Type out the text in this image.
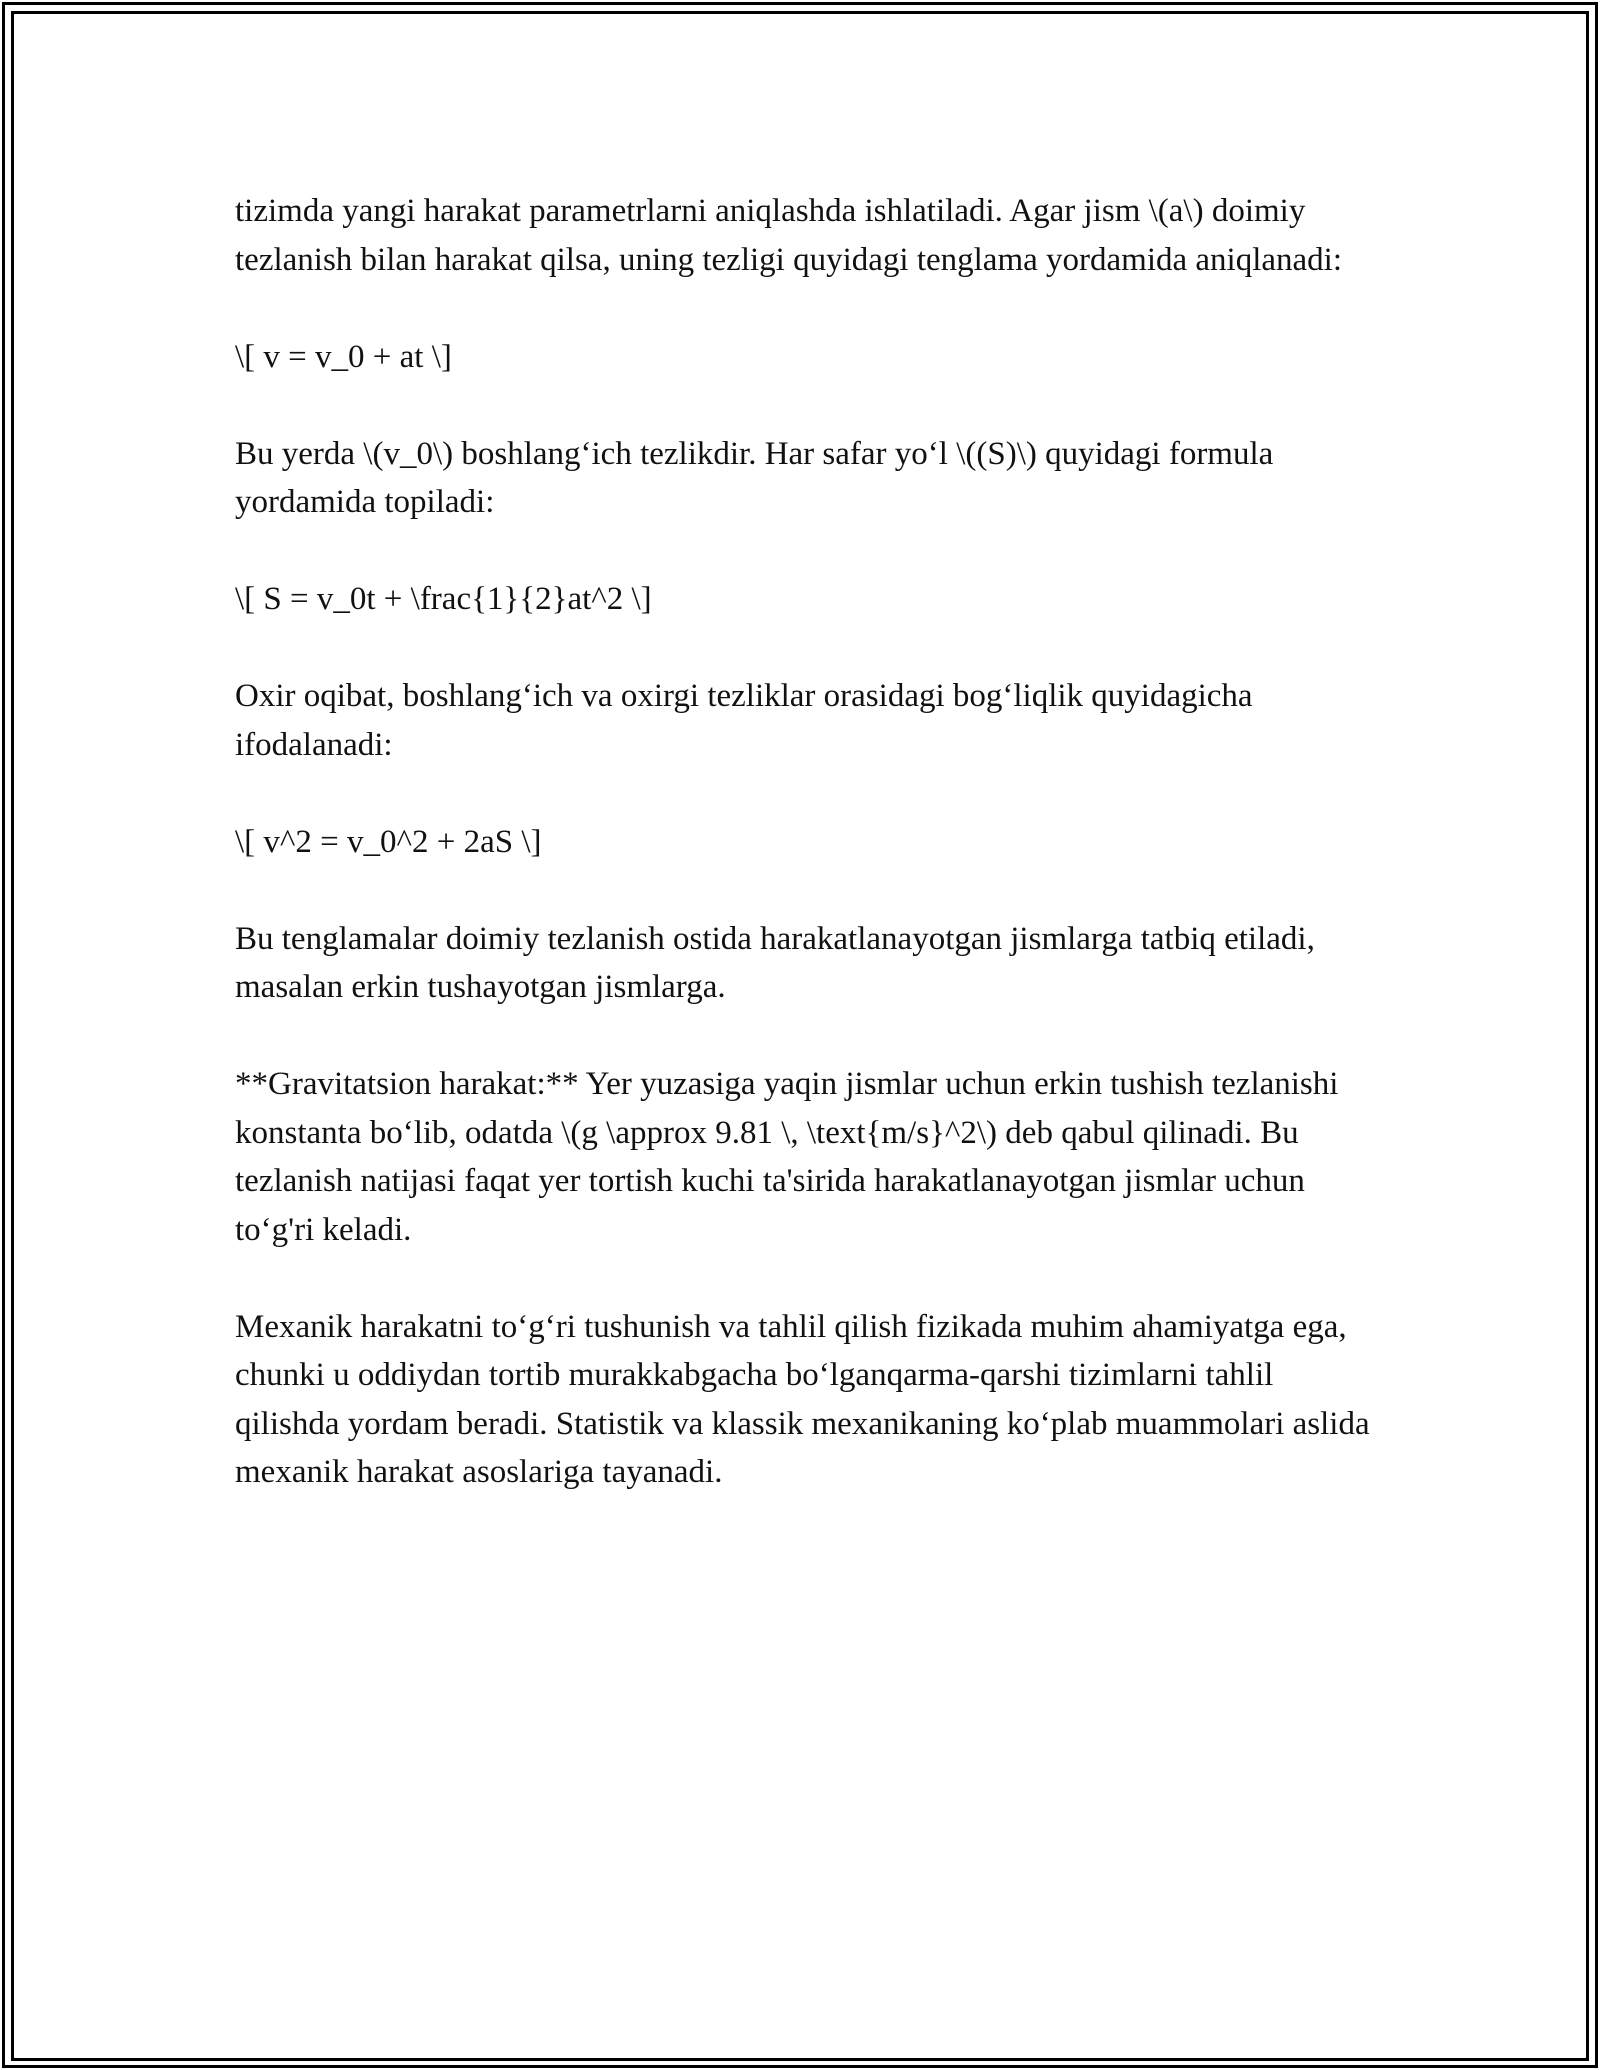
tizimda yangi harakat parametrlarni aniqlashda ishlatiladi. Agar jism \(a\) doimiy tezlanish bilan harakat qilsa, uning tezligi quyidagi tenglama yordamida aniqlanadi:

\[ v = v_0 + at \]

Bu yerda \(v_0\) boshlang‘ich tezlikdir. Har safar yo‘l \((S)\) quyidagi formula yordamida topiladi:

\[ S = v_0t + \frac{1}{2}at^2 \]

Oxir oqibat, boshlang‘ich va oxirgi tezliklar orasidagi bog‘liqlik quyidagicha ifodalanadi:

\[ v^2 = v_0^2 + 2aS \]

Bu tenglamalar doimiy tezlanish ostida harakatlanayotgan jismlarga tatbiq etiladi, masalan erkin tushayotgan jismlarga.

**Gravitatsion harakat:** Yer yuzasiga yaqin jismlar uchun erkin tushish tezlanishi konstanta bo‘lib, odatda \(g \approx 9.81 \, \text{m/s}^2\) deb qabul qilinadi. Bu tezlanish natijasi faqat yer tortish kuchi ta'sirida harakatlanayotgan jismlar uchun to‘g'ri keladi.

Mexanik harakatni to‘g‘ri tushunish va tahlil qilish fizikada muhim ahamiyatga ega, chunki u oddiydan tortib murakkabgacha bo‘lganqarma-qarshi tizimlarni tahlil qilishda yordam beradi. Statistik va klassik mexanikaning ko‘plab muammolari aslida mexanik harakat asoslariga tayanadi.
